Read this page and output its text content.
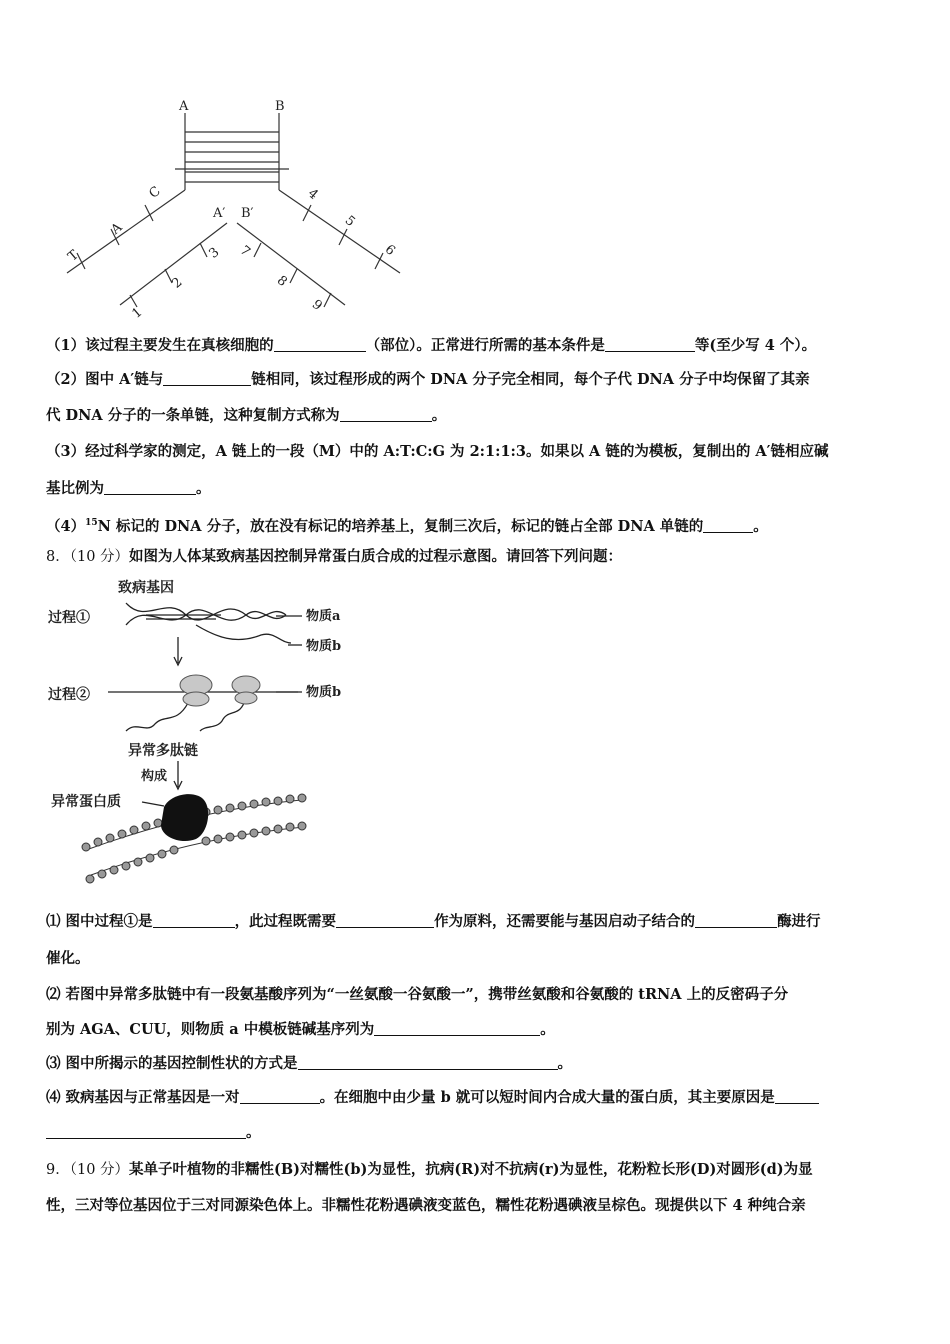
A	B
A′ B′
C
A
T
1
2
3
4
5
6
7
8
9
（1）该过程主要发生在真核细胞的	（部位）。正常进行所需的基本条件是	等(至少写 4 个）。
（2）图中 A′链与	链相同，该过程形成的两个 DNA 分子完全相同，每个子代 DNA 分子中均保留了其亲
代 DNA 分子的一条单链，这种复制方式称为	。
（3）经过科学家的测定，A 链上的一段（M）中的 A:T:C:G 为 2:1:1:3。如果以 A 链的为模板，复制出的 A′链相应碱
基比例为	。
$(4)^{15}N$ 标记的 DNA 分子，放在没有标记的培养基上，复制三次后，标记的链占全部 DNA 单链的	。
8．（10 分）如图为人体某致病基因控制异常蛋白质合成的过程示意图。请回答下列问题：
致病基因
过程①	物质a
物质b
过程②	物质b
异常多肽链
构成
异常蛋白质
⑴ 图中过程①是	，此过程既需要	作为原料，还需要能与基因启动子结合的	酶进行
催化。
⑵ 若图中异常多肽链中有一段氨基酸序列为“一丝氨酸一谷氨酸一”，携带丝氨酸和谷氨酸的 tRNA 上的反密码子分
别为 AGA、CUU，则物质 a 中模板链碱基序列为	。
⑶ 图中所揭示的基因控制性状的方式是	。
⑷ 致病基因与正常基因是一对	。在细胞中由少量 b 就可以短时间内合成大量的蛋白质，其主要原因是
。
9．（10 分）某单子叶植物的非糯性(B)对糯性(b)为显性，抗病(R)对不抗病(r)为显性，花粉粒长形(D)对圆形(d)为显
性，三对等位基因位于三对同源染色体上。非糯性花粉遇碘液变蓝色，糯性花粉遇碘液呈棕色。现提供以下 4 种纯合亲
